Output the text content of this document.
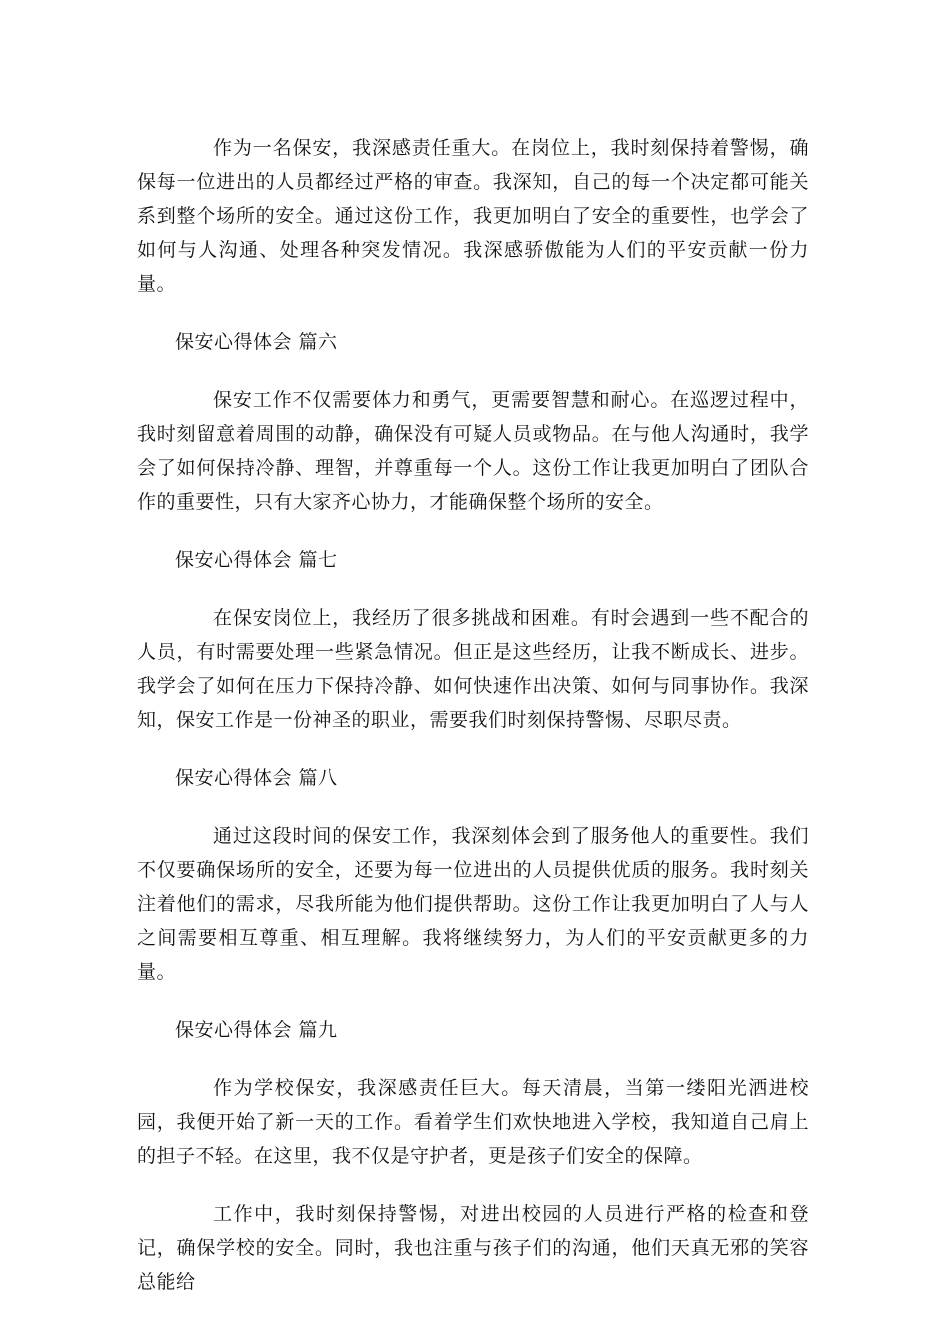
作为一名保安，我深感责任重大。在岗位上，我时刻保持着警惕，确保每一位进出的人员都经过严格的审查。我深知，自己的每一个决定都可能关系到整个场所的安全。通过这份工作，我更加明白了安全的重要性，也学会了如何与人沟通、处理各种突发情况。我深感骄傲能为人们的平安贡献一份力量。

保安心得体会 篇六

保安工作不仅需要体力和勇气，更需要智慧和耐心。在巡逻过程中，我时刻留意着周围的动静，确保没有可疑人员或物品。在与他人沟通时，我学会了如何保持冷静、理智，并尊重每一个人。这份工作让我更加明白了团队合作的重要性，只有大家齐心协力，才能确保整个场所的安全。

保安心得体会 篇七

在保安岗位上，我经历了很多挑战和困难。有时会遇到一些不配合的人员，有时需要处理一些紧急情况。但正是这些经历，让我不断成长、进步。我学会了如何在压力下保持冷静、如何快速作出决策、如何与同事协作。我深知，保安工作是一份神圣的职业，需要我们时刻保持警惕、尽职尽责。

保安心得体会 篇八

通过这段时间的保安工作，我深刻体会到了服务他人的重要性。我们不仅要确保场所的安全，还要为每一位进出的人员提供优质的服务。我时刻关注着他们的需求，尽我所能为他们提供帮助。这份工作让我更加明白了人与人之间需要相互尊重、相互理解。我将继续努力，为人们的平安贡献更多的力量。

保安心得体会 篇九

作为学校保安，我深感责任巨大。每天清晨，当第一缕阳光洒进校园，我便开始了新一天的工作。看着学生们欢快地进入学校，我知道自己肩上的担子不轻。在这里，我不仅是守护者，更是孩子们安全的保障。

工作中，我时刻保持警惕，对进出校园的人员进行严格的检查和登记，确保学校的安全。同时，我也注重与孩子们的沟通，他们天真无邪的笑容总能给
